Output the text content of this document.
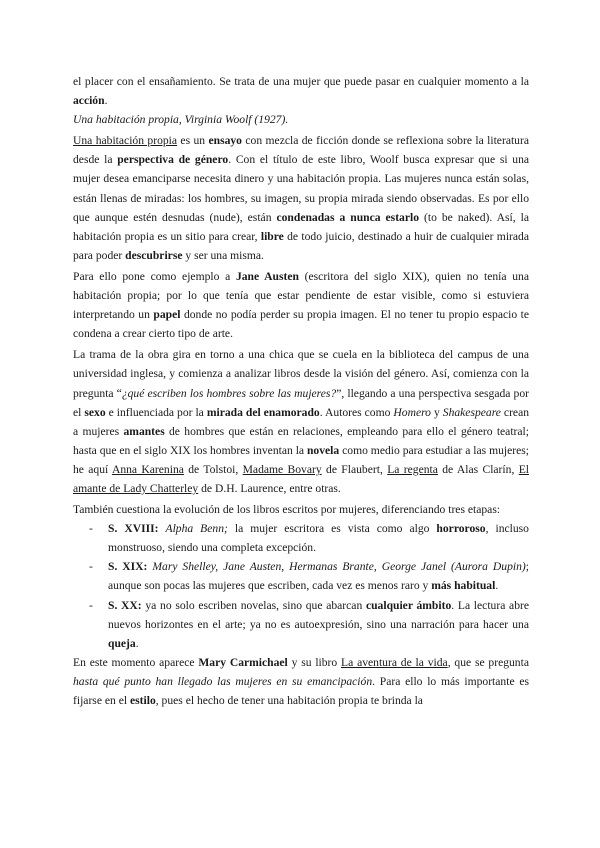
el placer con el ensañamiento. Se trata de una mujer que puede pasar en cualquier momento a la acción.

Una habitación propia, Virginia Woolf (1927).

Una habitación propia es un ensayo con mezcla de ficción donde se reflexiona sobre la literatura desde la perspectiva de género. Con el título de este libro, Woolf busca expresar que si una mujer desea emanciparse necesita dinero y una habitación propia. Las mujeres nunca están solas, están llenas de miradas: los hombres, su imagen, su propia mirada siendo observadas. Es por ello que aunque estén desnudas (nude), están condenadas a nunca estarlo (to be naked). Así, la habitación propia es un sitio para crear, libre de todo juicio, destinado a huir de cualquier mirada para poder descubrirse y ser una misma.

Para ello pone como ejemplo a Jane Austen (escritora del siglo XIX), quien no tenía una habitación propia; por lo que tenía que estar pendiente de estar visible, como si estuviera interpretando un papel donde no podía perder su propia imagen. El no tener tu propio espacio te condena a crear cierto tipo de arte.

La trama de la obra gira en torno a una chica que se cuela en la biblioteca del campus de una universidad inglesa, y comienza a analizar libros desde la visión del género. Así, comienza con la pregunta “¿qué escriben los hombres sobre las mujeres?”, llegando a una perspectiva sesgada por el sexo e influenciada por la mirada del enamorado. Autores como Homero y Shakespeare crean a mujeres amantes de hombres que están en relaciones, empleando para ello el género teatral; hasta que en el siglo XIX los hombres inventan la novela como medio para estudiar a las mujeres; he aquí Anna Karenina de Tolstoi, Madame Bovary de Flaubert, La regenta de Alas Clarín, El amante de Lady Chatterley de D.H. Laurence, entre otras.

También cuestiona la evolución de los libros escritos por mujeres, diferenciando tres etapas:

- S. XVIII: Alpha Benn; la mujer escritora es vista como algo horroroso, incluso monstruoso, siendo una completa excepción.
- S. XIX: Mary Shelley, Jane Austen, Hermanas Brante, George Janel (Aurora Dupin); aunque son pocas las mujeres que escriben, cada vez es menos raro y más habitual.
- S. XX: ya no solo escriben novelas, sino que abarcan cualquier ámbito. La lectura abre nuevos horizontes en el arte; ya no es autoexpresión, sino una narración para hacer una queja.

En este momento aparece Mary Carmichael y su libro La aventura de la vida, que se pregunta hasta qué punto han llegado las mujeres en su emancipación. Para ello lo más importante es fijarse en el estilo, pues el hecho de tener una habitación propia te brinda la
